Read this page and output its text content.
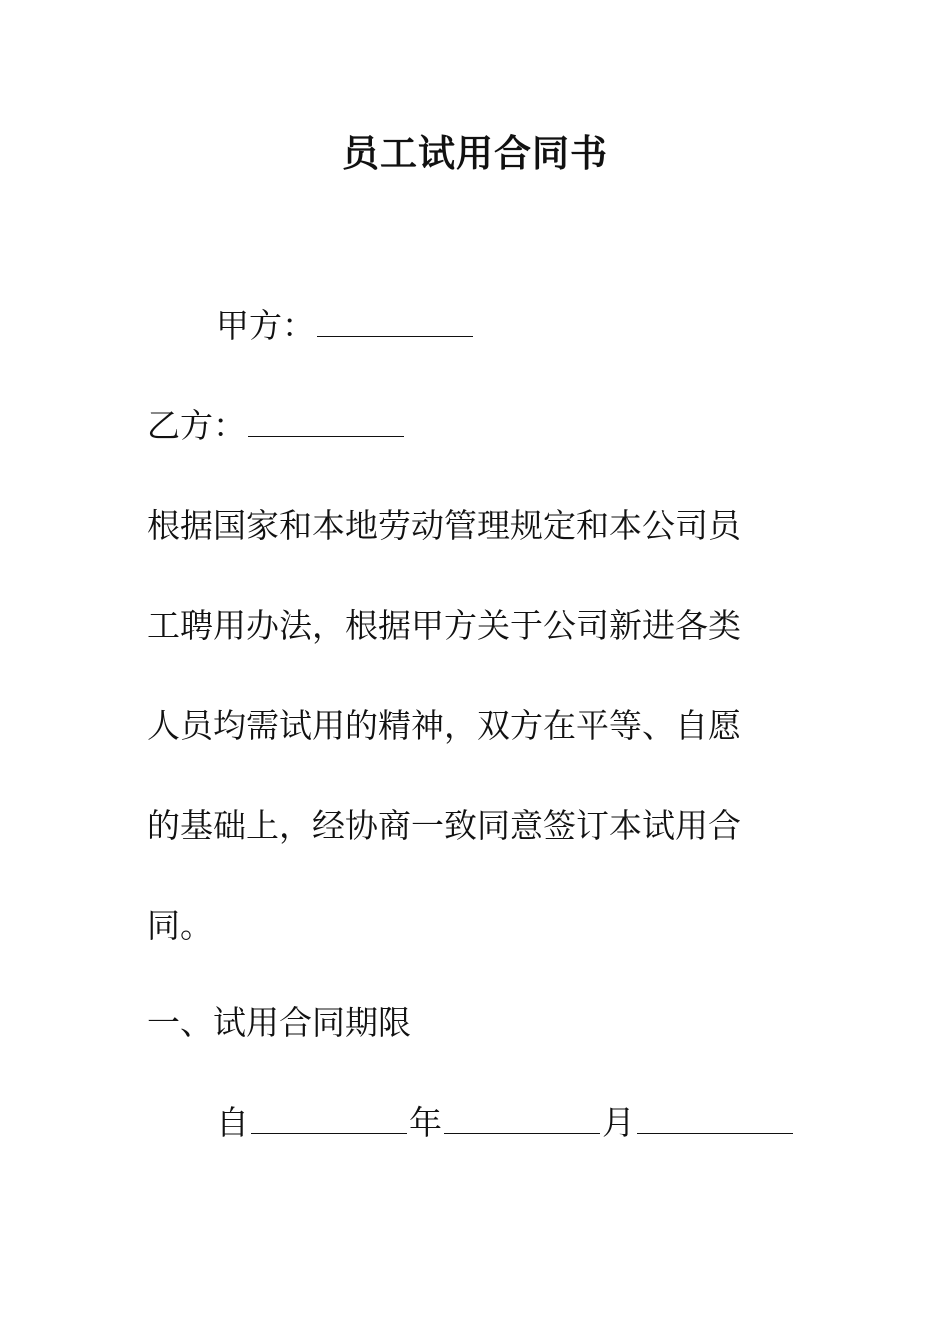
员工试用合同书
甲方：
乙方：
根据国家和本地劳动管理规定和本公司员
工聘用办法，根据甲方关于公司新进各类
人员均需试用的精神，双方在平等、自愿
的基础上，经协商一致同意签订本试用合
同。
一、试用合同期限
自	年	月
